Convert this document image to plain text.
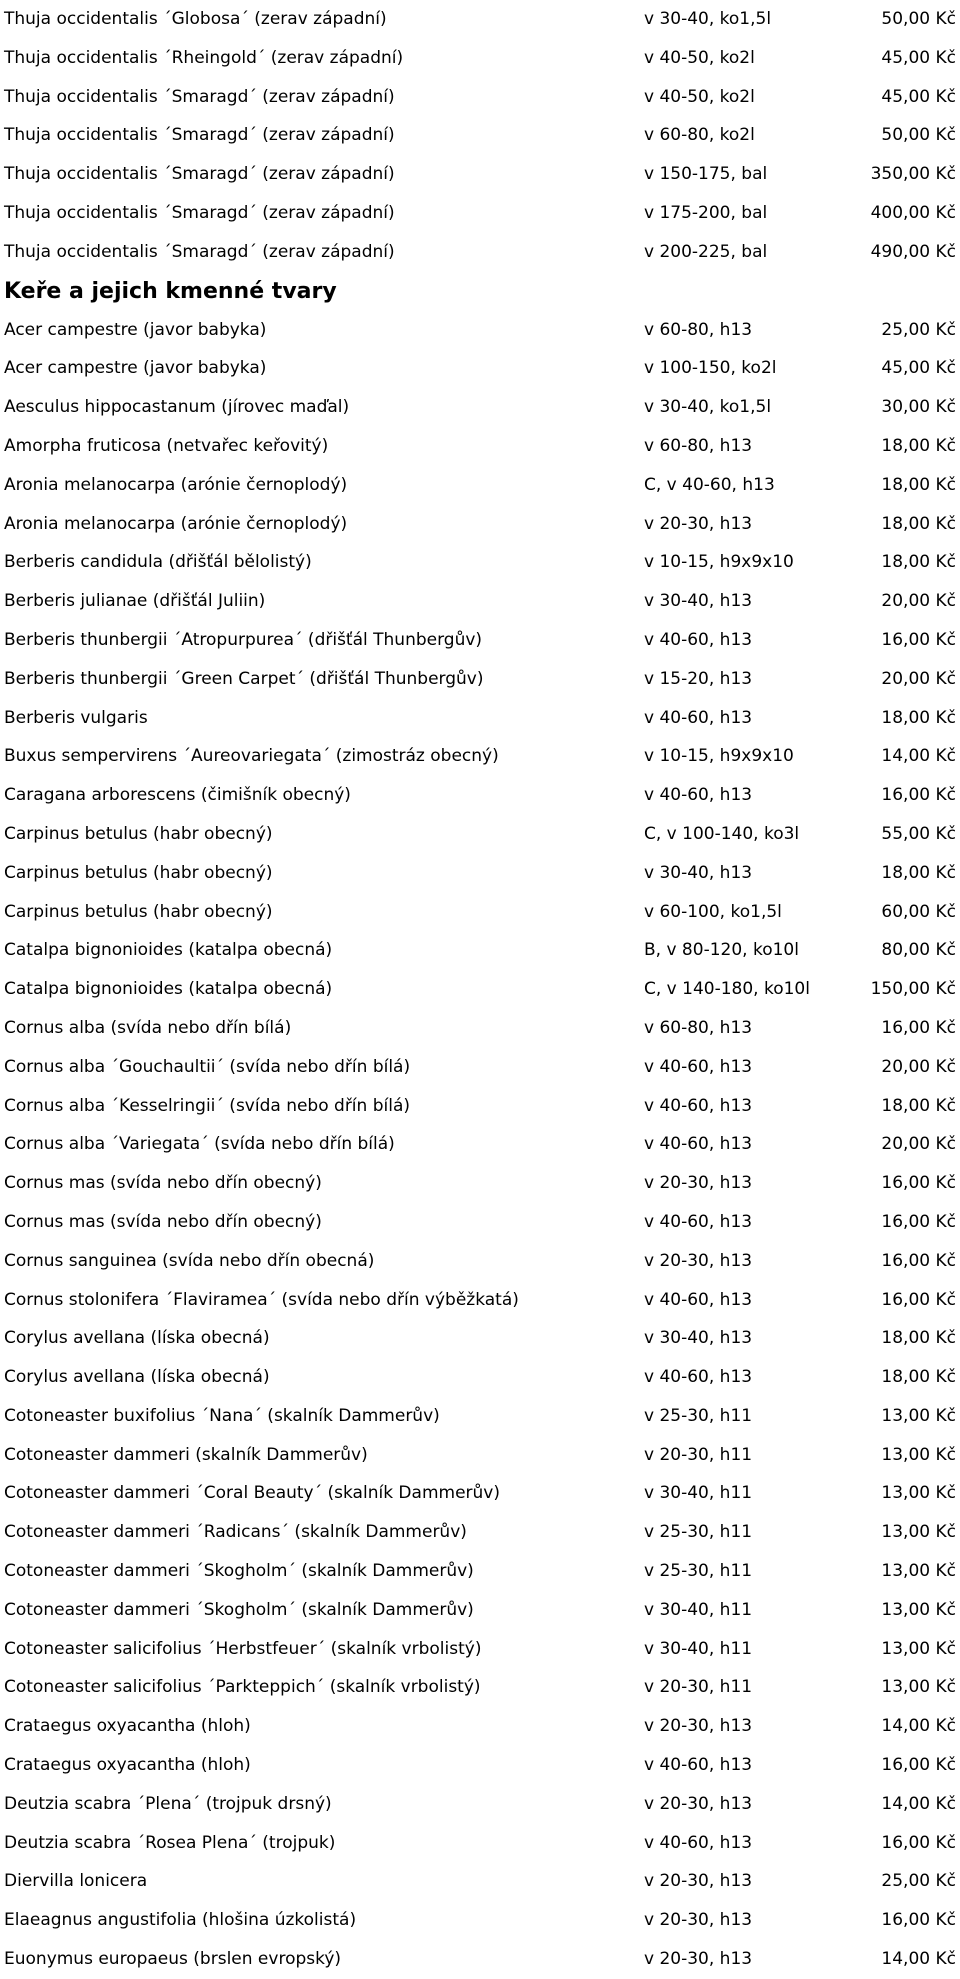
Thuja occidentalis ´Globosa´ (zerav západní)	v 30-40, ko1,5l	50,00 Kč
Thuja occidentalis ´Rheingold´ (zerav západní)	v 40-50, ko2l	45,00 Kč
Thuja occidentalis ´Smaragd´ (zerav západní)	v 40-50, ko2l	45,00 Kč
Thuja occidentalis ´Smaragd´ (zerav západní)	v 60-80, ko2l	50,00 Kč
Thuja occidentalis ´Smaragd´ (zerav západní)	v 150-175, bal	350,00 Kč
Thuja occidentalis ´Smaragd´ (zerav západní)	v 175-200, bal	400,00 Kč
Thuja occidentalis ´Smaragd´ (zerav západní)	v 200-225, bal	490,00 Kč
Keře a jejich kmenné tvary
Acer campestre (javor babyka)	v 60-80, h13	25,00 Kč
Acer campestre (javor babyka)	v 100-150, ko2l	45,00 Kč
Aesculus hippocastanum (jírovec maďal)	v 30-40, ko1,5l	30,00 Kč
Amorpha fruticosa (netvařec keřovitý)	v 60-80, h13	18,00 Kč
Aronia melanocarpa (arónie černoplodý)	C, v 40-60, h13	18,00 Kč
Aronia melanocarpa (arónie černoplodý)	v 20-30, h13	18,00 Kč
Berberis candidula (dřišťál bělolistý)	v 10-15, h9x9x10	18,00 Kč
Berberis julianae (dřišťál Juliin)	v 30-40, h13	20,00 Kč
Berberis thunbergii ´Atropurpurea´ (dřišťál Thunbergův)	v 40-60, h13	16,00 Kč
Berberis thunbergii ´Green Carpet´ (dřišťál Thunbergův)	v 15-20, h13	20,00 Kč
Berberis vulgaris	v 40-60, h13	18,00 Kč
Buxus sempervirens ´Aureovariegata´ (zimostráz obecný)	v 10-15, h9x9x10	14,00 Kč
Caragana arborescens (čimišník obecný)	v 40-60, h13	16,00 Kč
Carpinus betulus (habr obecný)	C, v 100-140, ko3l	55,00 Kč
Carpinus betulus (habr obecný)	v 30-40, h13	18,00 Kč
Carpinus betulus (habr obecný)	v 60-100, ko1,5l	60,00 Kč
Catalpa bignonioides (katalpa obecná)	B, v 80-120, ko10l	80,00 Kč
Catalpa bignonioides (katalpa obecná)	C, v 140-180, ko10l	150,00 Kč
Cornus alba (svída nebo dřín bílá)	v 60-80, h13	16,00 Kč
Cornus alba ´Gouchaultii´ (svída nebo dřín bílá)	v 40-60, h13	20,00 Kč
Cornus alba ´Kesselringii´ (svída nebo dřín bílá)	v 40-60, h13	18,00 Kč
Cornus alba ´Variegata´ (svída nebo dřín bílá)	v 40-60, h13	20,00 Kč
Cornus mas (svída nebo dřín obecný)	v 20-30, h13	16,00 Kč
Cornus mas (svída nebo dřín obecný)	v 40-60, h13	16,00 Kč
Cornus sanguinea (svída nebo dřín obecná)	v 20-30, h13	16,00 Kč
Cornus stolonifera ´Flaviramea´ (svída nebo dřín výběžkatá)	v 40-60, h13	16,00 Kč
Corylus avellana (líska obecná)	v 30-40, h13	18,00 Kč
Corylus avellana (líska obecná)	v 40-60, h13	18,00 Kč
Cotoneaster buxifolius ´Nana´ (skalník Dammerův)	v 25-30, h11	13,00 Kč
Cotoneaster dammeri (skalník Dammerův)	v 20-30, h11	13,00 Kč
Cotoneaster dammeri ´Coral Beauty´ (skalník Dammerův)	v 30-40, h11	13,00 Kč
Cotoneaster dammeri ´Radicans´ (skalník Dammerův)	v 25-30, h11	13,00 Kč
Cotoneaster dammeri ´Skogholm´ (skalník Dammerův)	v 25-30, h11	13,00 Kč
Cotoneaster dammeri ´Skogholm´ (skalník Dammerův)	v 30-40, h11	13,00 Kč
Cotoneaster salicifolius ´Herbstfeuer´ (skalník vrbolistý)	v 30-40, h11	13,00 Kč
Cotoneaster salicifolius ´Parkteppich´ (skalník vrbolistý)	v 20-30, h11	13,00 Kč
Crataegus oxyacantha (hloh)	v 20-30, h13	14,00 Kč
Crataegus oxyacantha (hloh)	v 40-60, h13	16,00 Kč
Deutzia scabra ´Plena´ (trojpuk drsný)	v 20-30, h13	14,00 Kč
Deutzia scabra ´Rosea Plena´ (trojpuk)	v 40-60, h13	16,00 Kč
Diervilla lonicera	v 20-30, h13	25,00 Kč
Elaeagnus angustifolia (hlošina úzkolistá)	v 20-30, h13	16,00 Kč
Euonymus europaeus (brslen evropský)	v 20-30, h13	14,00 Kč
